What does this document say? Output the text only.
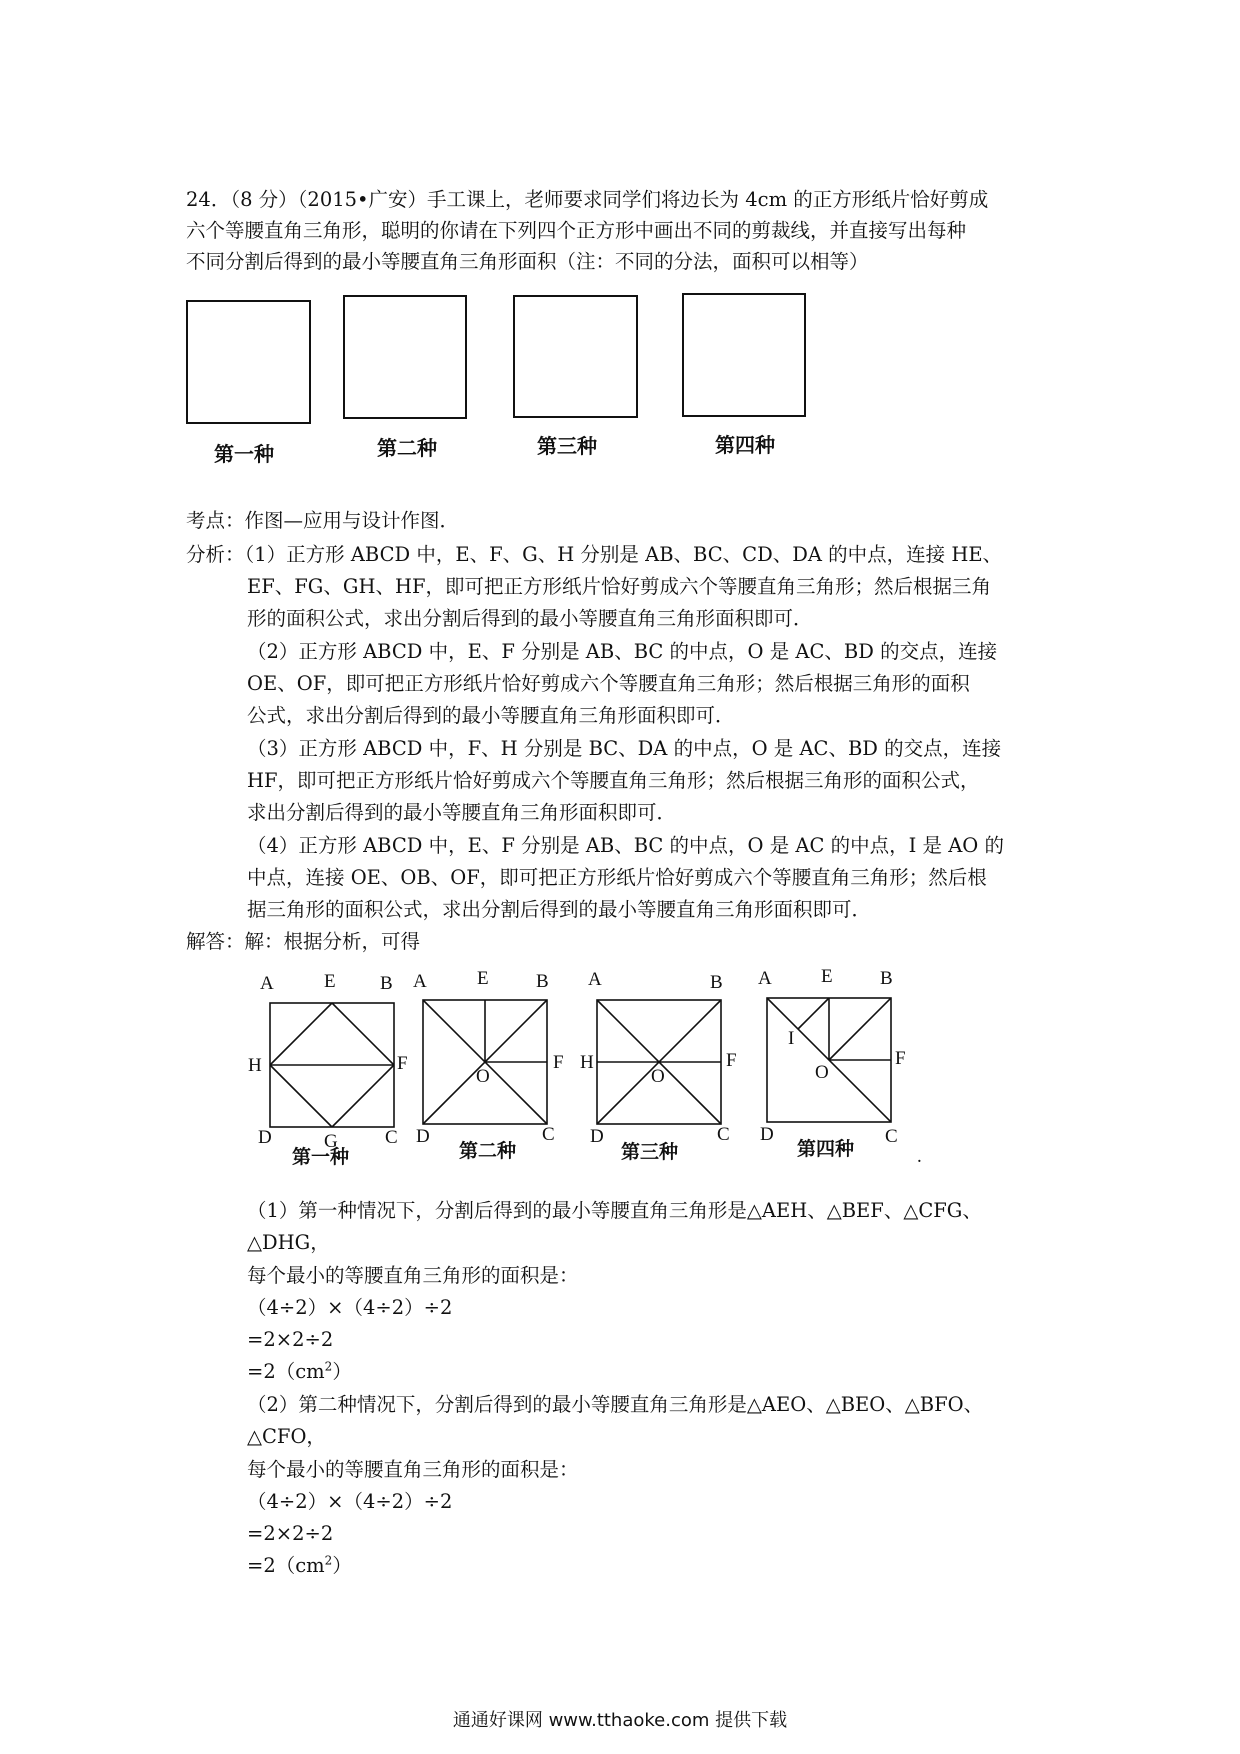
24．（8 分）（2015•广安）手工课上，老师要求同学们将边长为 4cm 的正方形纸片恰好剪成
六个等腰直角三角形，聪明的你请在下列四个正方形中画出不同的剪裁线，并直接写出每种
不同分割后得到的最小等腰直角三角形面积（注：不同的分法，面积可以相等）
第一种	第二种	第三种	第四种
考点：作图—应用与设计作图．
分析：（1）正方形 ABCD 中，E、F、G、H 分别是 AB、BC、CD、DA 的中点，连接 HE、
EF、FG、GH、HF，即可把正方形纸片恰好剪成六个等腰直角三角形；然后根据三角
形的面积公式，求出分割后得到的最小等腰直角三角形面积即可．
（2）正方形 ABCD 中，E、F 分别是 AB、BC 的中点，O 是 AC、BD 的交点，连接
OE、OF，即可把正方形纸片恰好剪成六个等腰直角三角形；然后根据三角形的面积
公式，求出分割后得到的最小等腰直角三角形面积即可．
（3）正方形 ABCD 中，F、H 分别是 BC、DA 的中点，O 是 AC、BD 的交点，连接
HF，即可把正方形纸片恰好剪成六个等腰直角三角形；然后根据三角形的面积公式，
求出分割后得到的最小等腰直角三角形面积即可．
（4）正方形 ABCD 中，E、F 分别是 AB、BC 的中点，O 是 AC 的中点，I 是 AO 的
中点，连接 OE、OB、OF，即可把正方形纸片恰好剪成六个等腰直角三角形；然后根
据三角形的面积公式，求出分割后得到的最小等腰直角三角形面积即可．
解答：解：根据分析，可得
A	E B
H	F
D	G C
第一种
A	E B
F
O
D	C
第二种
A	B
H	F
O
D	C
第三种
A	E B
I
F
O
D	C
第四种	.
（1）第一种情况下，分割后得到的最小等腰直角三角形是△AEH、△BEF、△CFG、
△DHG，
每个最小的等腰直角三角形的面积是：
（4÷2）×（4÷2）÷2
=2×2÷2
$=2(cm^2)$
（2）第二种情况下，分割后得到的最小等腰直角三角形是△AEO、△BEO、△BFO、
△CFO，
每个最小的等腰直角三角形的面积是：
（4÷2）×（4÷2）÷2
=2×2÷2
$=2(cm^2)$
通通好课网 www.tthaoke.com 提供下载
